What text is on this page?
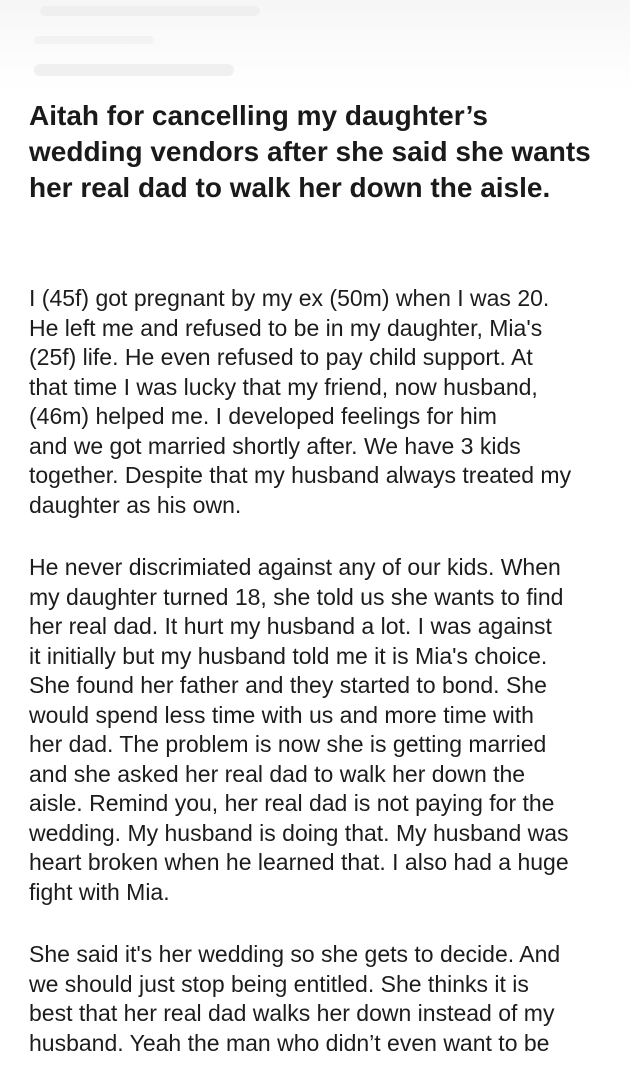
Aitah for cancelling my daughter’s wedding vendors after she said she wants her real dad to walk her down the aisle.

I (45f) got pregnant by my ex (50m) when I was 20.
He left me and refused to be in my daughter, Mia's
(25f) life. He even refused to pay child support. At
that time I was lucky that my friend, now husband,
(46m) helped me. I developed feelings for him
and we got married shortly after. We have 3 kids
together. Despite that my husband always treated my
daughter as his own.

He never discrimiated against any of our kids. When
my daughter turned 18, she told us she wants to find
her real dad. It hurt my husband a lot. I was against
it initially but my husband told me it is Mia's choice.
She found her father and they started to bond. She
would spend less time with us and more time with
her dad. The problem is now she is getting married
and she asked her real dad to walk her down the
aisle. Remind you, her real dad is not paying for the
wedding. My husband is doing that. My husband was
heart broken when he learned that. I also had a huge
fight with Mia.

She said it's her wedding so she gets to decide. And
we should just stop being entitled. She thinks it is
best that her real dad walks her down instead of my
husband. Yeah the man who didn’t even want to be
